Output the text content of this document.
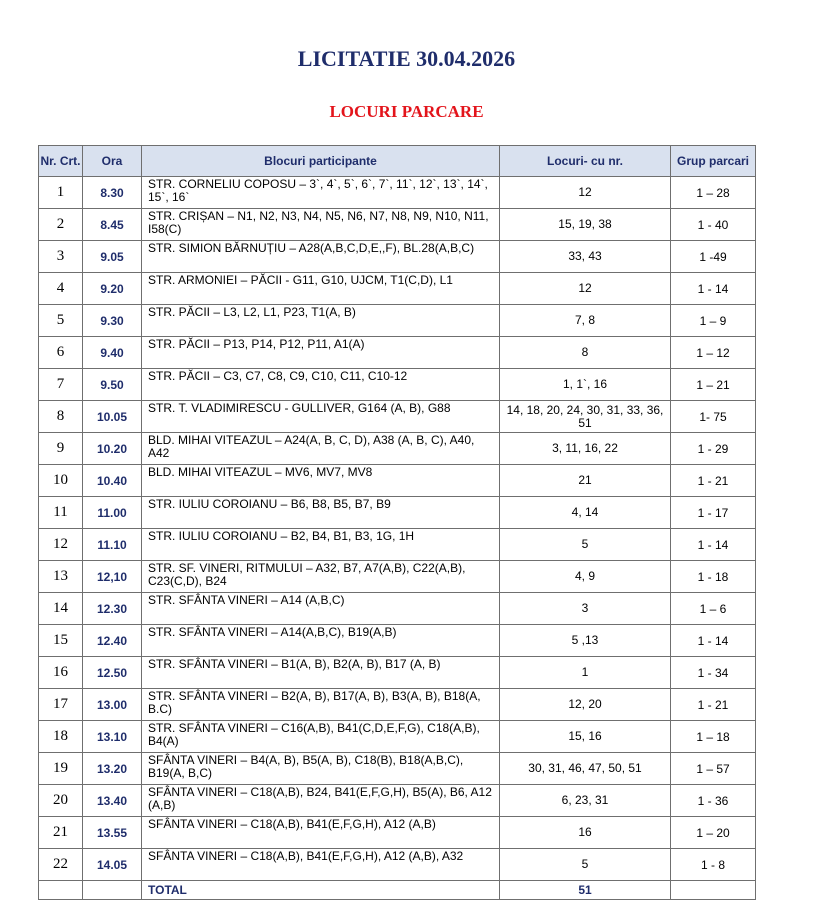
LICITATIE 30.04.2026
LOCURI PARCARE
Nr. Crt.	Ora	Blocuri participante	Locuri- cu nr.	Grup parcari
1	8.30	STR. CORNELIU COPOSU – 3`, 4`, 5`, 6`, 7`, 11`, 12`, 13`, 14`, 15`, 16`	12	1 – 28
2	8.45	STR. CRIȘAN – N1, N2, N3, N4, N5, N6, N7, N8, N9, N10, N11, I58(C)	15, 19, 38	1 - 40
3	9.05	STR. SIMION BĂRNUȚIU – A28(A,B,C,D,E,,F), BL.28(A,B,C)	33, 43	1 -49
4	9.20	STR. ARMONIEI – PĂCII - G11, G10, UJCM, T1(C,D), L1	12	1 - 14
5	9.30	STR. PĂCII – L3, L2, L1, P23, T1(A, B)	7, 8	1 – 9
6	9.40	STR. PĂCII – P13, P14, P12, P11, A1(A)	8	1 – 12
7	9.50	STR. PĂCII – C3, C7, C8, C9, C10, C11, C10-12	1, 1`, 16	1 – 21
8	10.05	STR. T. VLADIMIRESCU - GULLIVER, G164 (A, B), G88	14, 18, 20, 24, 30, 31, 33, 36, 51	1- 75
9	10.20	BLD. MIHAI VITEAZUL – A24(A, B, C, D), A38 (A, B, C), A40, A42	3, 11, 16, 22	1 - 29
10	10.40	BLD. MIHAI VITEAZUL – MV6, MV7, MV8	21	1 - 21
11	11.00	STR. IULIU COROIANU – B6, B8, B5, B7, B9	4, 14	1 - 17
12	11.10	STR. IULIU COROIANU – B2, B4, B1, B3, 1G, 1H	5	1 - 14
13	12,10	STR. SF. VINERI, RITMULUI – A32, B7, A7(A,B), C22(A,B), C23(C,D), B24	4, 9	1 - 18
14	12.30	STR. SFÂNTA VINERI – A14 (A,B,C)	3	1 – 6
15	12.40	STR. SFÂNTA VINERI – A14(A,B,C), B19(A,B)	5 ,13	1 - 14
16	12.50	STR. SFÂNTA VINERI – B1(A, B), B2(A, B), B17 (A, B)	1	1 - 34
17	13.00	STR. SFÂNTA VINERI – B2(A, B), B17(A, B), B3(A, B), B18(A, B.C)	12, 20	1 - 21
18	13.10	STR. SFÂNTA VINERI – C16(A,B), B41(C,D,E,F,G), C18(A,B), B4(A)	15, 16	1 – 18
19	13.20	SFÂNTA VINERI – B4(A, B), B5(A, B), C18(B), B18(A,B,C), B19(A, B,C)	30, 31, 46, 47, 50, 51	1 – 57
20	13.40	SFÂNTA VINERI – C18(A,B), B24, B41(E,F,G,H), B5(A), B6, A12 (A,B)	6, 23, 31	1 - 36
21	13.55	SFÂNTA VINERI – C18(A,B), B41(E,F,G,H), A12 (A,B)	16	1 – 20
22	14.05	SFÂNTA VINERI – C18(A,B), B41(E,F,G,H), A12 (A,B), A32	5	1 - 8
		TOTAL	51	
